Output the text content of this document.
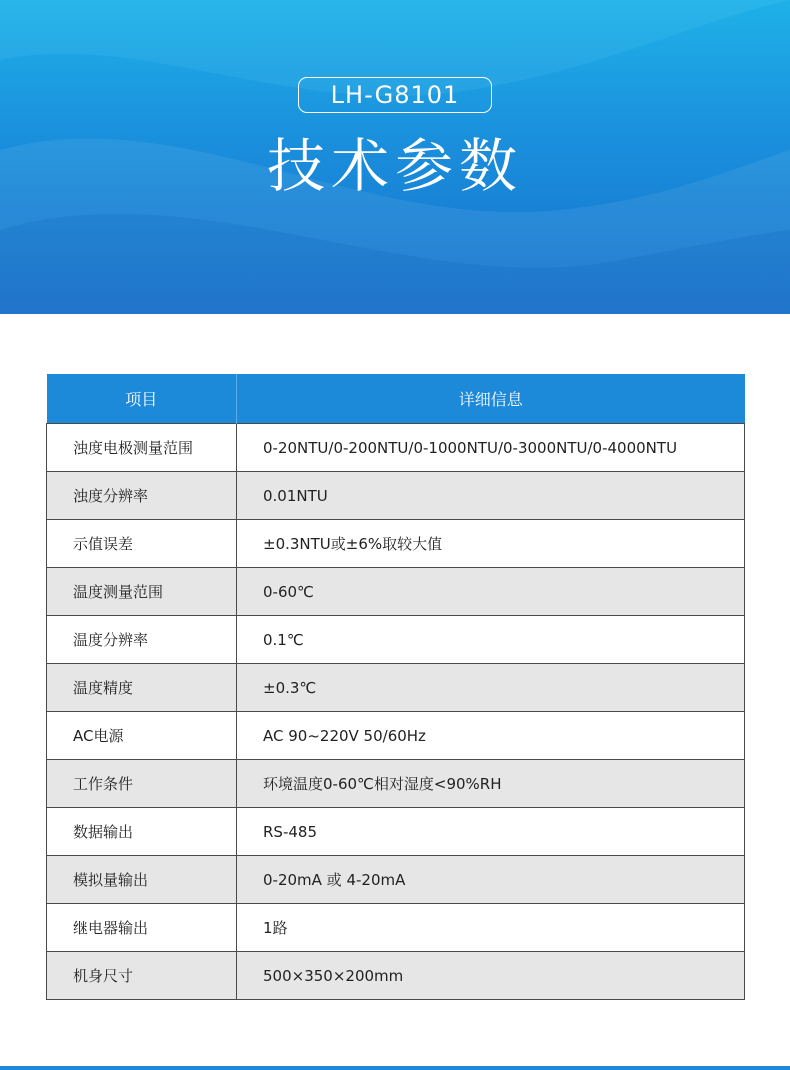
LH-G8101
技术参数
项目	详细信息
浊度电极测量范围	0-20NTU/0-200NTU/0-1000NTU/0-3000NTU/0-4000NTU
浊度分辨率	0.01NTU
示值误差	±0.3NTU或±6%取较大值
温度测量范围	0-60℃
温度分辨率	0.1℃
温度精度	±0.3℃
AC电源	AC 90~220V 50/60Hz
工作条件	环境温度0-60℃相对湿度<90%RH
数据输出	RS-485
模拟量输出	0-20mA 或 4-20mA
继电器输出	1路
机身尺寸	500×350×200mm
